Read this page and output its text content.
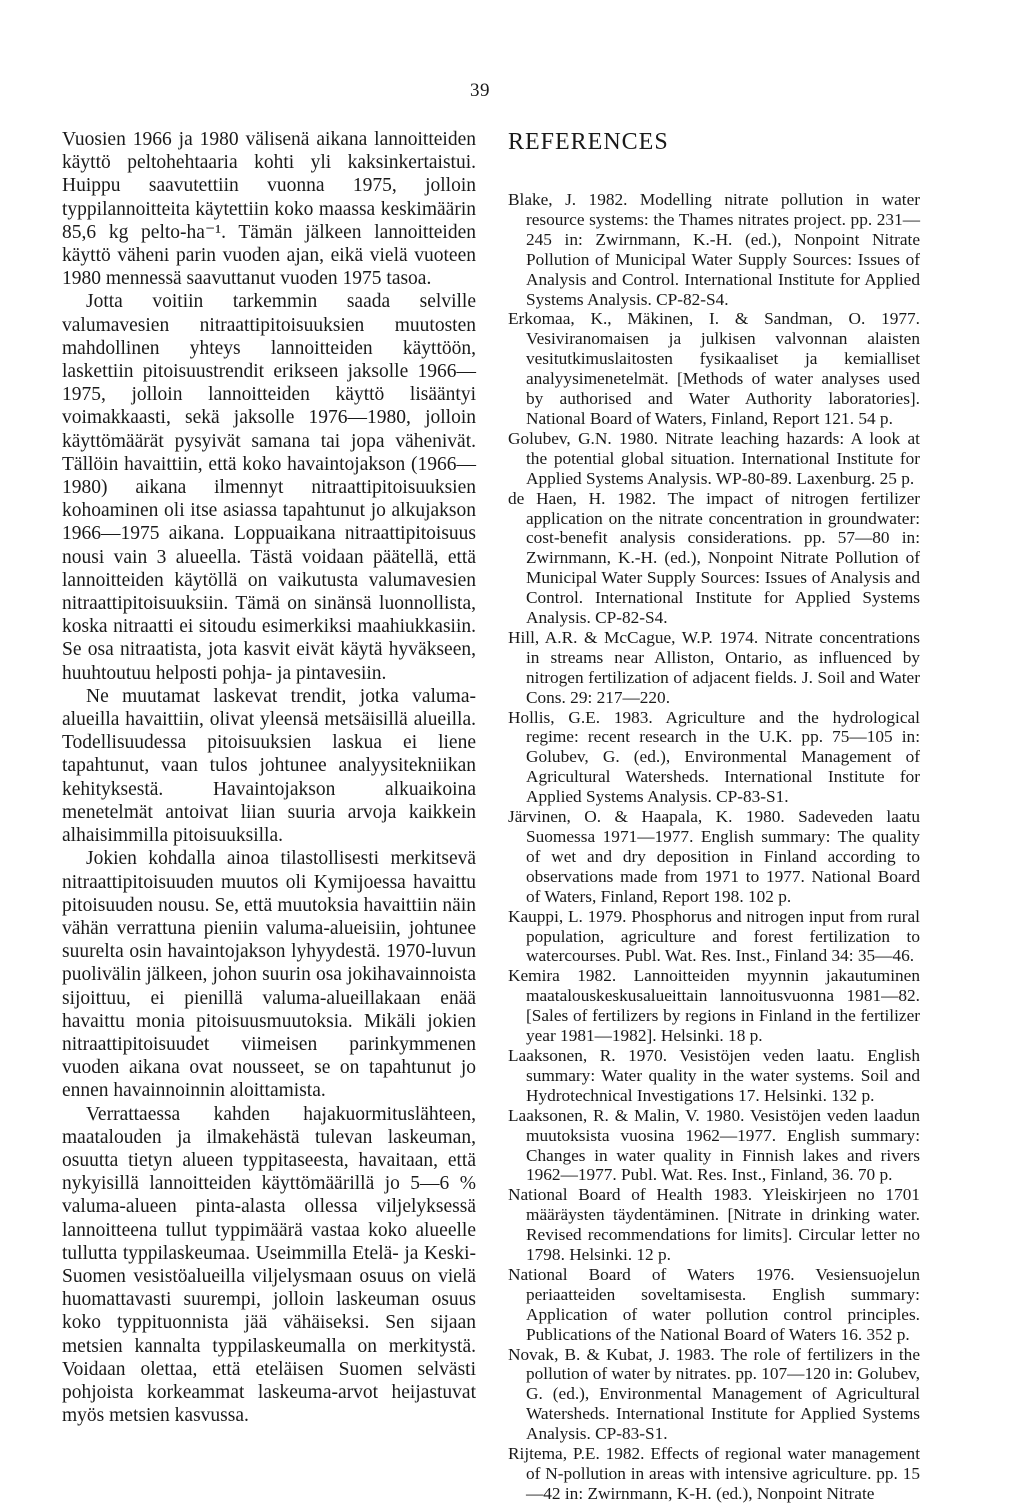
39

Vuosien 1966 ja 1980 välisenä aikana lannoitteiden käyttö peltohehtaaria kohti yli kaksinkertaistui. Huippu saavutettiin vuonna 1975, jolloin typpilannoitteita käytettiin koko maassa keskimäärin 85,6 kg pelto-ha⁻¹. Tämän jälkeen lannoitteiden käyttö väheni parin vuoden ajan, eikä vielä vuoteen 1980 mennessä saavuttanut vuoden 1975 tasoa.

Jotta voitiin tarkemmin saada selville valumavesien nitraattipitoisuuksien muutosten mahdollinen yhteys lannoitteiden käyttöön, laskettiin pitoisuustrendit erikseen jaksolle 1966—1975, jolloin lannoitteiden käyttö lisääntyi voimakkaasti, sekä jaksolle 1976—1980, jolloin käyttömäärät pysyivät samana tai jopa vähenivät. Tällöin havaittiin, että koko havaintojakson (1966—1980) aikana ilmennyt nitraattipitoisuuksien kohoaminen oli itse asiassa tapahtunut jo alkujakson 1966—1975 aikana. Loppuaikana nitraattipitoisuus nousi vain 3 alueella. Tästä voidaan päätellä, että lannoitteiden käytöllä on vaikutusta valumavesien nitraattipitoisuuksiin. Tämä on sinänsä luonnollista, koska nitraatti ei sitoudu esimerkiksi maahiukkasiin. Se osa nitraatista, jota kasvit eivät käytä hyväkseen, huuhtoutuu helposti pohja- ja pintavesiin.

Ne muutamat laskevat trendit, jotka valuma-alueilla havaittiin, olivat yleensä metsäisillä alueilla. Todellisuudessa pitoisuuksien laskua ei liene tapahtunut, vaan tulos johtunee analyysitekniikan kehityksestä. Havaintojakson alkuaikoina menetelmät antoivat liian suuria arvoja kaikkein alhaisimmilla pitoisuuksilla.

Jokien kohdalla ainoa tilastollisesti merkitsevä nitraattipitoisuuden muutos oli Kymijoessa havaittu pitoisuuden nousu. Se, että muutoksia havaittiin näin vähän verrattuna pieniin valuma-alueisiin, johtunee suurelta osin havaintojakson lyhyydestä. 1970-luvun puolivälin jälkeen, johon suurin osa jokihavainnoista sijoittuu, ei pienillä valuma-alueillakaan enää havaittu monia pitoisuusmuutoksia. Mikäli jokien nitraattipitoisuudet viimeisen parinkymmenen vuoden aikana ovat nousseet, se on tapahtunut jo ennen havainnoinnin aloittamista.

Verrattaessa kahden hajakuormituslähteen, maatalouden ja ilmakehästä tulevan laskeuman, osuutta tietyn alueen typpitaseesta, havaitaan, että nykyisillä lannoitteiden käyttömäärillä jo 5—6 % valuma-alueen pinta-alasta ollessa viljelyksessä lannoitteena tullut typpimäärä vastaa koko alueelle tullutta typpilaskeumaa. Useimmilla Etelä- ja Keski-Suomen vesistöalueilla viljelysmaan osuus on vielä huomattavasti suurempi, jolloin laskeuman osuus koko typpituonnista jää vähäiseksi. Sen sijaan metsien kannalta typpilaskeumalla on merkitystä. Voidaan olettaa, että eteläisen Suomen selvästi pohjoista korkeammat laskeuma-arvot heijastuvat myös metsien kasvussa.

REFERENCES

Blake, J. 1982. Modelling nitrate pollution in water resource systems: the Thames nitrates project. pp. 231—245 in: Zwirnmann, K.-H. (ed.), Nonpoint Nitrate Pollution of Municipal Water Supply Sources: Issues of Analysis and Control. International Institute for Applied Systems Analysis. CP-82-S4.

Erkomaa, K., Mäkinen, I. & Sandman, O. 1977. Vesiviranomaisen ja julkisen valvonnan alaisten vesitutkimuslaitosten fysikaaliset ja kemialliset analyysimenetelmät. [Methods of water analyses used by authorised and Water Authority laboratories]. National Board of Waters, Finland, Report 121. 54 p.

Golubev, G.N. 1980. Nitrate leaching hazards: A look at the potential global situation. International Institute for Applied Systems Analysis. WP-80-89. Laxenburg. 25 p.

de Haen, H. 1982. The impact of nitrogen fertilizer application on the nitrate concentration in groundwater: cost-benefit analysis considerations. pp. 57—80 in: Zwirnmann, K.-H. (ed.), Nonpoint Nitrate Pollution of Municipal Water Supply Sources: Issues of Analysis and Control. International Institute for Applied Systems Analysis. CP-82-S4.

Hill, A.R. & McCague, W.P. 1974. Nitrate concentrations in streams near Alliston, Ontario, as influenced by nitrogen fertilization of adjacent fields. J. Soil and Water Cons. 29: 217—220.

Hollis, G.E. 1983. Agriculture and the hydrological regime: recent research in the U.K. pp. 75—105 in: Golubev, G. (ed.), Environmental Management of Agricultural Watersheds. International Institute for Applied Systems Analysis. CP-83-S1.

Järvinen, O. & Haapala, K. 1980. Sadeveden laatu Suomessa 1971—1977. English summary: The quality of wet and dry deposition in Finland according to observations made from 1971 to 1977. National Board of Waters, Finland, Report 198. 102 p.

Kauppi, L. 1979. Phosphorus and nitrogen input from rural population, agriculture and forest fertilization to watercourses. Publ. Wat. Res. Inst., Finland 34: 35—46.

Kemira 1982. Lannoitteiden myynnin jakautuminen maatalouskeskusalueittain lannoitusvuonna 1981—82. [Sales of fertilizers by regions in Finland in the fertilizer year 1981—1982]. Helsinki. 18 p.

Laaksonen, R. 1970. Vesistöjen veden laatu. English summary: Water quality in the water systems. Soil and Hydrotechnical Investigations 17. Helsinki. 132 p.

Laaksonen, R. & Malin, V. 1980. Vesistöjen veden laadun muutoksista vuosina 1962—1977. English summary: Changes in water quality in Finnish lakes and rivers 1962—1977. Publ. Wat. Res. Inst., Finland, 36. 70 p.

National Board of Health 1983. Yleiskirjeen no 1701 määräysten täydentäminen. [Nitrate in drinking water. Revised recommendations for limits]. Circular letter no 1798. Helsinki. 12 p.

National Board of Waters 1976. Vesiensuojelun periaatteiden soveltamisesta. English summary: Application of water pollution control principles. Publications of the National Board of Waters 16. 352 p.

Novak, B. & Kubat, J. 1983. The role of fertilizers in the pollution of water by nitrates. pp. 107—120 in: Golubev, G. (ed.), Environmental Management of Agricultural Watersheds. International Institute for Applied Systems Analysis. CP-83-S1.

Rijtema, P.E. 1982. Effects of regional water management of N-pollution in areas with intensive agriculture. pp. 15—42 in: Zwirnmann, K-H. (ed.), Nonpoint Nitrate
